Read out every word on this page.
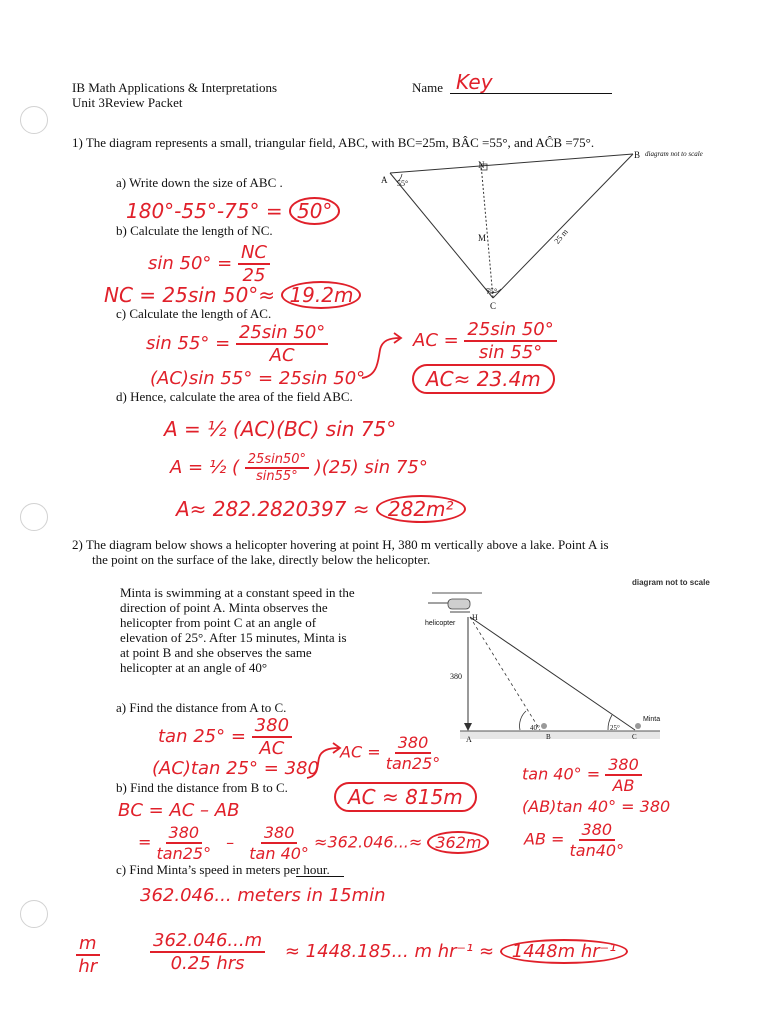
IB Math Applications & Interpretations
Unit 3Review Packet
Name Key
1) The diagram represents a small, triangular field, ABC, with BC=25m, BÂC =55°, and AĈB =75°.
A
B
C
N
M
55°
75°
25 m
diagram not to scale
a) Write down the size of ABC .
180°-55°-75° = 50°
b) Calculate the length of NC.
$\sin 50^\circ = \frac{NC}{25}$
NC = 25sin 50°≈ 19.2m
c) Calculate the length of AC.
$\sin 55^\circ = \frac{25\sin 50^\circ}{AC}$
(AC)sin 55° = 25sin 50°
AC = $\frac{25\sin 50^\circ}{\sin 55^\circ}$
AC≈ 23.4m
d) Hence, calculate the area of the field ABC.
A = ½ (AC)(BC) sin 75°
A = ½ ( $\frac{25\sin 50^\circ}{\sin 55^\circ} )(25)$ sin 75°
A≈ 282.2820397 ≈ 282m²
2) The diagram below shows a helicopter hovering at point H, 380 m vertically above a lake. Point A is
the point on the surface of the lake, directly below the helicopter.
Minta is swimming at a constant speed in the
direction of point A. Minta observes the
helicopter from point C at an angle of
elevation of 25°. After 15 minutes, Minta is
at point B and she observes the same
helicopter at an angle of 40°
diagram not to scale
helicopter
H
380
A	B	C
Minta
40°	25°
a) Find the distance from A to C.
$\tan 25^\circ = \frac{380}{AC}$
(AC)tan 25° = 380
AC = $\frac{380}{\tan 25^\circ}$
AC ≈ 815m
$\tan 40^\circ = \frac{380}{AB}$
(AB)tan 40° = 380
AB = $\frac{380}{\tan 40^\circ}$
b) Find the distance from B to C.
BC = AC – AB
= $\frac{380}{\tan 25^\circ} - \frac{380}{\tan 40^\circ} \approx 362.046...\approx 362m$
c) Find Minta’s speed in meters per hour.
362.046... meters in 15min
$\frac{m}{hr}$	$\frac{362.046...m}{\text{0.25 hrs}} \approx 1448.185$... m hr⁻¹ ≈ 1448m hr⁻¹
